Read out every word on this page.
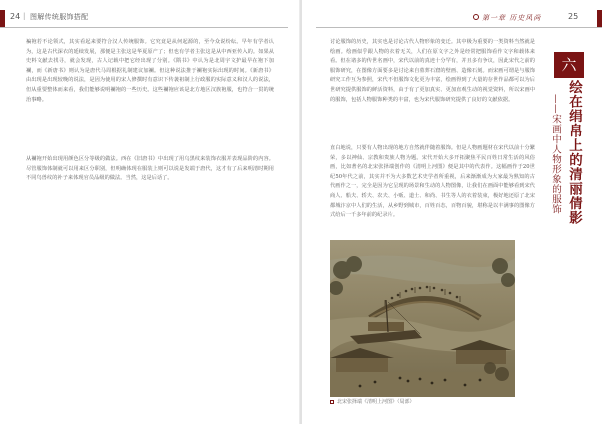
24 | 图解传统服饰搭配

褊袍若不论领式，其实看起来要符合汉人传统服饰。它究竟是从何起源的，至今众说纷纭。早年有学者认为，这是古代深衣的延续发展，那便是主张这是华夏原产了；但也有学者主张这是从中西亚传入的。如果从史料文献去找寻，就会发现，古人记载中把它经出现了分别。《隋书》中认为是北周宇文护最早在袍下加襕，而《新唐书》则认为是唐代马周根据礼制建议加襕。但这种说法推于襕袍实际出现的时间。《新唐书》由出现是出现较晚的说法，是因为使用的宋人修撰时有意识下传袭祖制上行政服的实际意义和汉人的说法，但从重要整体而来看，我们能够说明襕袍的一些历史。这些襕袍应该是北方地区汉族袍服，也符合一贯的统治事略。

从襕袍开始出现用颜色区分等级的做法。西在《旧唐书》中出现了用乌黑纹来装饰衣服并表现品阶的内容。尽管服饰体制就可以用来区分职别，但明确体现在服装上则可以说是发端于唐代，这才有了后来明清时期用不同鸟兽纹的补子来体现官员品级的做法。当然，这是后话了。

第一章 历史风尚	25

讨论服饰的历史，其实也是讨论古代人物形象的变迁。其中极为重要的一类资料当然就是绘画。绘画似乎跟人物的衣着无关，人们在原文字之外是经常把服饰看作文字和载体来看。但在诸多的传世名画中，宋代以前的真迹十分罕有，并且多有争议，因此宋代之前的服饰研究，在图像方面要多是讨论来自墓葬石窟的壁画、造像石刻。而宋画可谓是与服饰研究工作互为参照，宋代不但服饰文化更为丰富，绘画得到了大量的存世作品都可以为后世研究提供服饰的鲜活资料，由于有了更加真实、更加直观生动的视觉资料，所以宋画中的服饰，包括人物服饰种类的丰富，也为宋代服饰研究提供了良好的文献依据。

直白地说，只要有人物出现的地方自然就伴随着服饰。但是人物画题材在宋代以前十分繁荣，多以神仙、宗教和贵族人物为题。宋代开始大多开拓聚焦平民百姓日常生活的风俗画，比如著名的北宋张择端创作的《清明上河图》便是其中的代表作。这幅画作于20世纪50年代之前，其实并不为大多数艺术史学者所重视，后来渐渐成为大家最为熟知的古代画作之一，完全是因为它呈现的场景和生动的人物图像，让我们在画面中能够看到宋代商人、船夫、轿夫、农夫、小贩、道士、和尚、书生等人的衣着装束，极好地还原了北宋都城汴京中人们的生活，从乡野到城市，百姓百态，百物百貌，堪称是以丰满事的图像方式给后一千多年前的纪录片。

六
绘在绢帛上的清丽倩影
——宋画中人物形象的服饰
北宋张择端《清明上河图》（局部）
